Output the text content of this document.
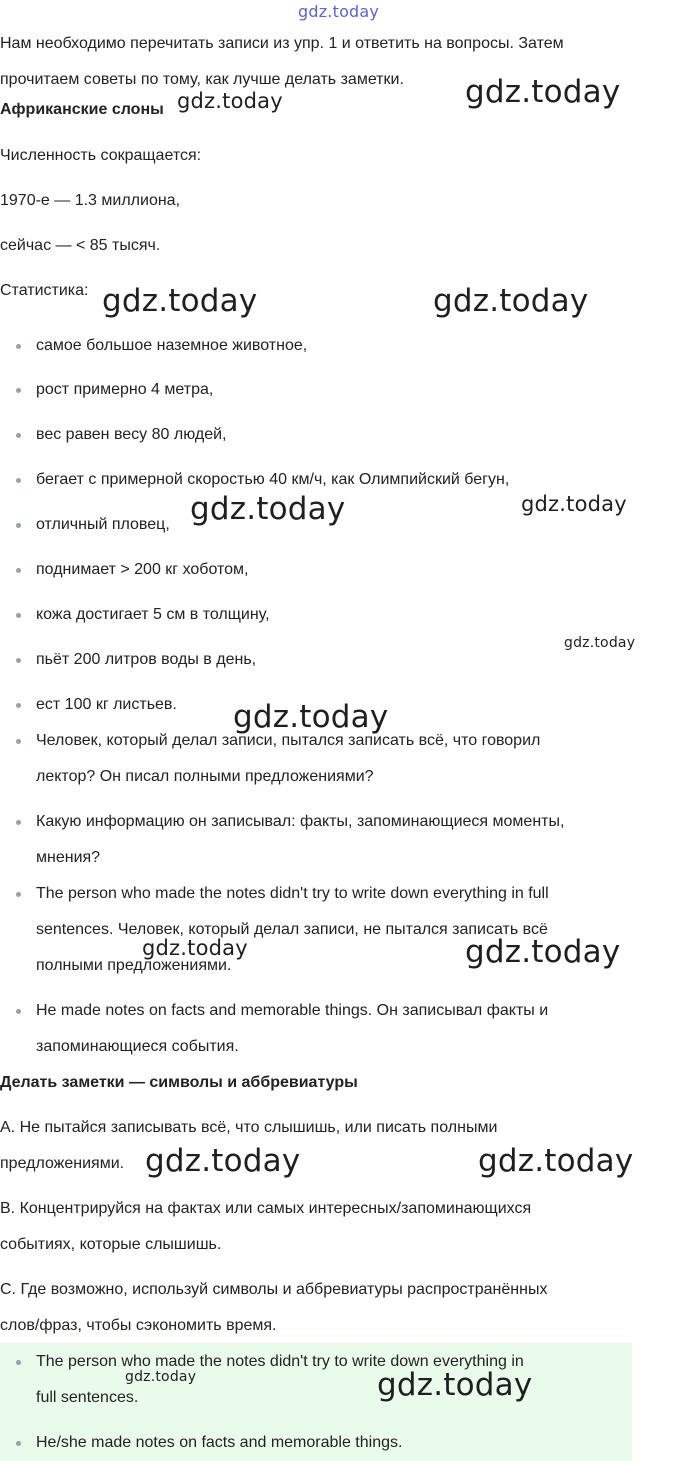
gdz.today

Нам необходимо перечитать записи из упр. 1 и ответить на вопросы. Затем

прочитаем советы по тому, как лучше делать заметки.

Африканские слоны

Численность сокращается:

1970-е — 1.3 миллиона,

сейчас — < 85 тысяч.

Статистика:

самое большое наземное животное,
рост примерно 4 метра,
вес равен весу 80 людей,
бегает с примерной скоростью 40 км/ч, как Олимпийский бегун,
отличный пловец,
поднимает > 200 кг хоботом,
кожа достигает 5 см в толщину,
пьёт 200 литров воды в день,
ест 100 кг листьев.
Человек, который делал записи, пытался записать всё, что говорил
лектор? Он писал полными предложениями?
Какую информацию он записывал: факты, запоминающиеся моменты,
мнения?
The person who made the notes didn't try to write down everything in full
sentences. Человек, который делал записи, не пытался записать всё
полными предложениями.
He made notes on facts and memorable things. Он записывал факты и
запоминающиеся события.

Делать заметки — символы и аббревиатуры

A. Не пытайся записывать всё, что слышишь, или писать полными

предложениями.

B. Концентрируйся на фактах или самых интересных/запоминающихся

событиях, которые слышишь.

C. Где возможно, используй символы и аббревиатуры распространённых

слов/фраз, чтобы сэкономить время.

The person who made the notes didn't try to write down everything in
full sentences.
He/she made notes on facts and memorable things.
gdz.today
gdz.today
gdz.today	gdz.today
gdz.today	gdz.today
gdz.today
gdz.today
gdz.today	gdz.today
gdz.today	gdz.today
gdz.today	gdz.today
